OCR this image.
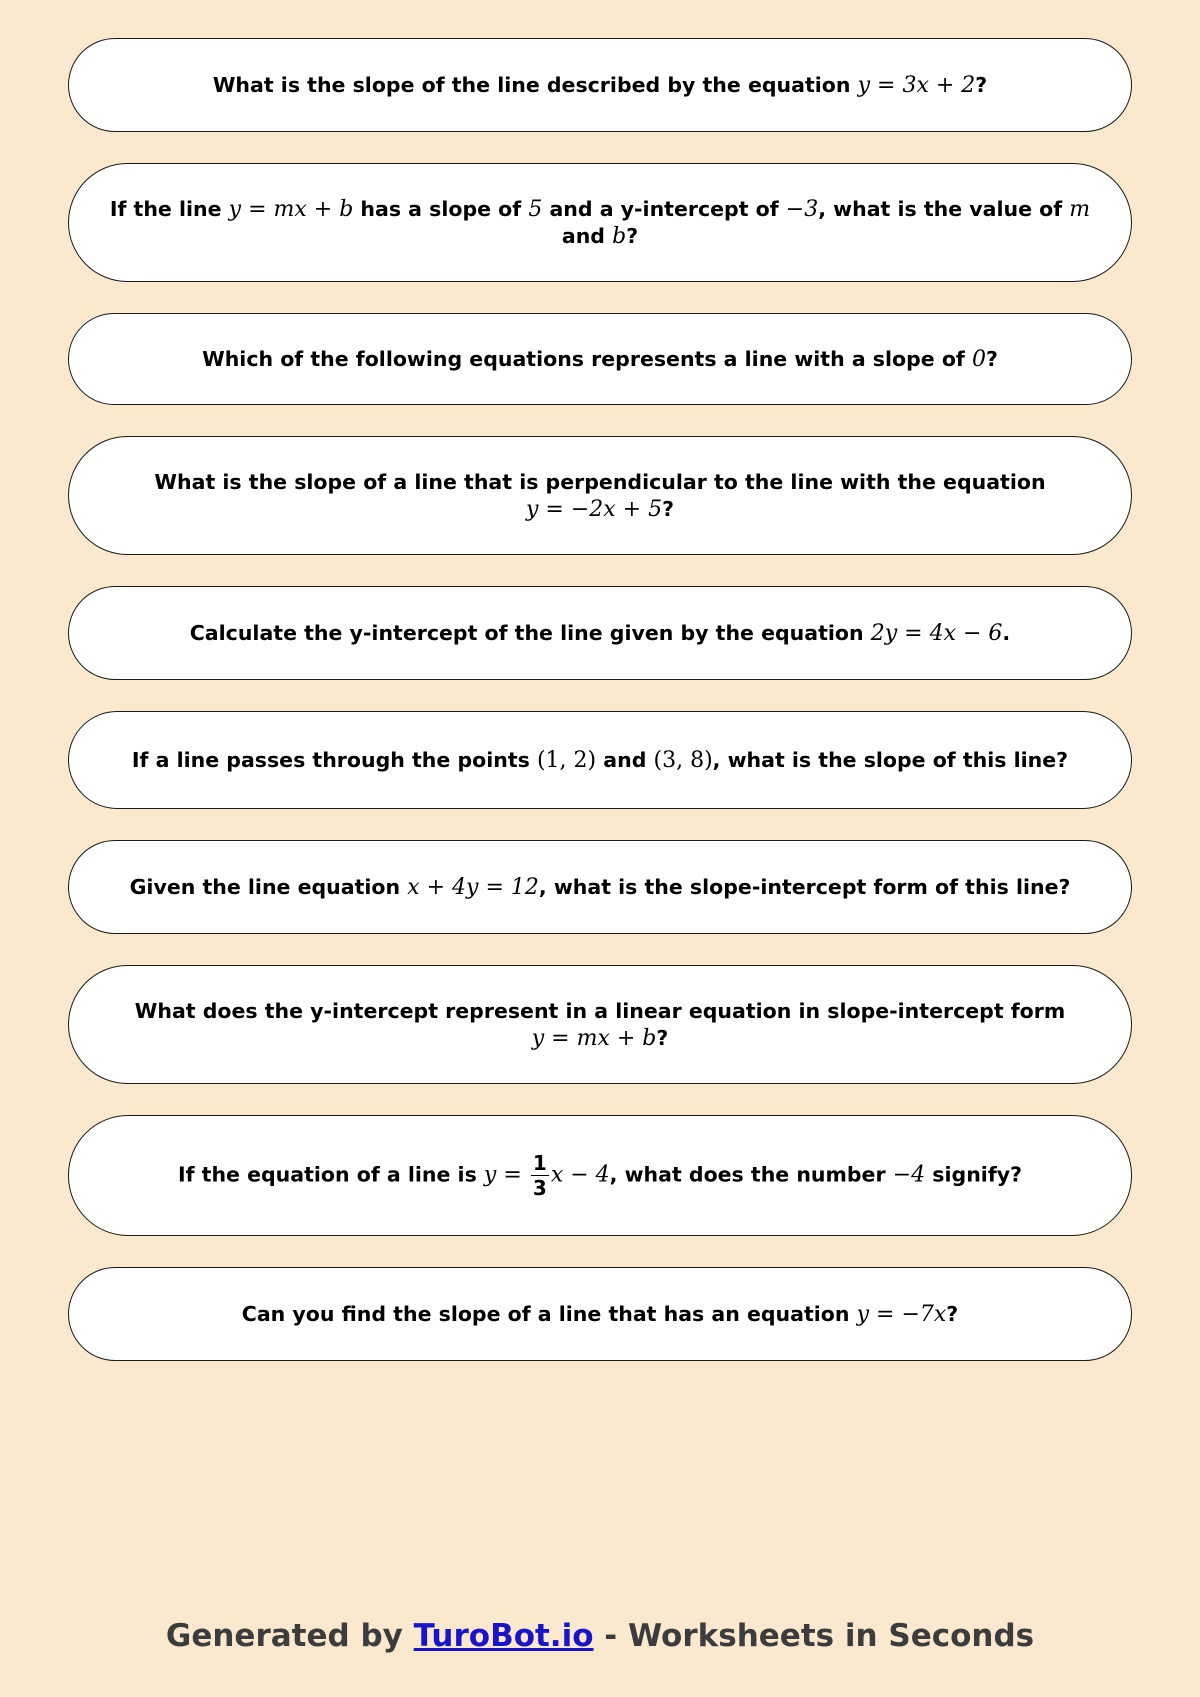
What is the slope of the line described by the equation y = 3x + 2?
If the line y = mx + b has a slope of 5 and a y-intercept of −3, what is the value of m
and b?
Which of the following equations represents a line with a slope of 0?
What is the slope of a line that is perpendicular to the line with the equation
y = −2x + 5?
Calculate the y-intercept of the line given by the equation 2y = 4x − 6.
If a line passes through the points (1, 2) and (3, 8), what is the slope of this line?
Given the line equation x + 4y = 12, what is the slope-intercept form of this line?
What does the y-intercept represent in a linear equation in slope-intercept form
y = mx + b?
If the equation of a line is $y = \frac{1}{3}$ x − 4, what does the number −4 signify?
Can you find the slope of a line that has an equation y = −7x?
Generated by TuroBot.io - Worksheets in Seconds
